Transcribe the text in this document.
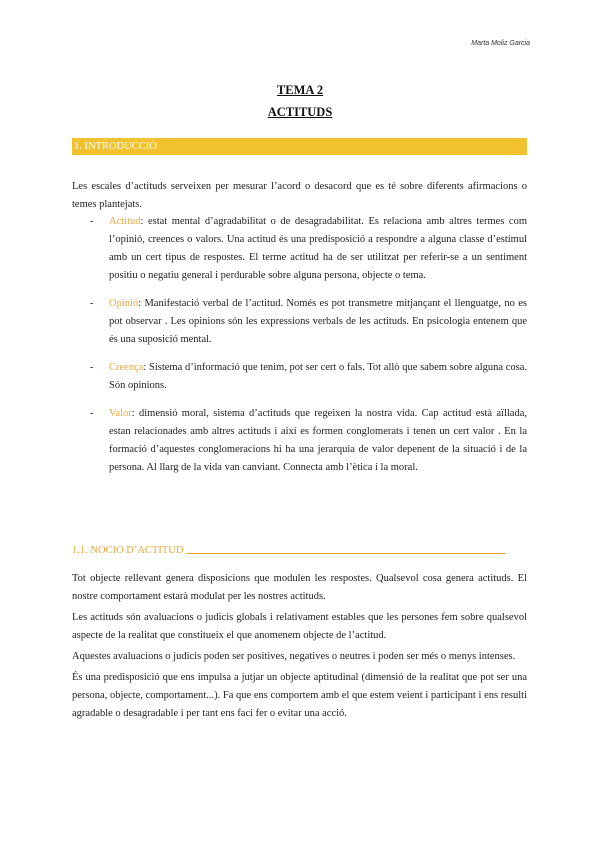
Marta Moliz Garcia
TEMA 2
ACTITUDS
1. INTRODUCCIÓ
Les escales d’actituds serveixen per mesurar l’acord o desacord que es té sobre diferents afirmacions o temes plantejats.
- Actitud: estat mental d’agradabilitat o de desagradabilitat. Es relaciona amb altres termes com l’opinió, creences o valors. Una actitud és una predisposició a respondre a alguna classe d’estímul amb un cert tipus de respostes. El terme actitud ha de ser utilitzat per referir-se a un sentiment positiu o negatiu general i perdurable sobre alguna persona, objecte o tema.
- Opinió: Manifestació verbal de l’actitud. Només es pot transmetre mitjançant el llenguatge, no es pot observar . Les opinions són les expressions verbals de les actituds. En psicologia entenem que és una suposició mental.
- Creença: Sistema d’informació que tenim, pot ser cert o fals. Tot allò que sabem sobre alguna cosa. Són opinions.
- Valor: dimensió moral, sistema d’actituds que regeixen la nostra vida. Cap actitud està aïllada, estan relacionades amb altres actituds i així es formen conglomerats i tenen un cert valor . En la formació d’aquestes conglomeracions hi ha una jerarquia de valor depenent de la situació i de la persona. Al llarg de la vida van canviant. Connecta amb l’ètica i la moral.
1.1. NOCIÓ D’ACTITUD

Tot objecte rellevant genera disposicions que modulen les respostes. Qualsevol cosa genera actituds. El nostre comportament estarà modulat per les nostres actituds.

Les actituds són avaluacions o judicis globals i relativament estables que les persones fem sobre qualsevol aspecte de la realitat que constitueix el que anomenem objecte de l’actitud.

Aquestes avaluacions o judicis poden ser positives, negatives o neutres i poden ser més o menys intenses.

És una predisposició que ens impulsa a jutjar un objecte aptitudinal (dimensió de la realitat que pot ser una persona, objecte, comportament...). Fa que ens comportem amb el que estem veient i participant i ens resulti agradable o desagradable i per tant ens faci fer o evitar una acció.
